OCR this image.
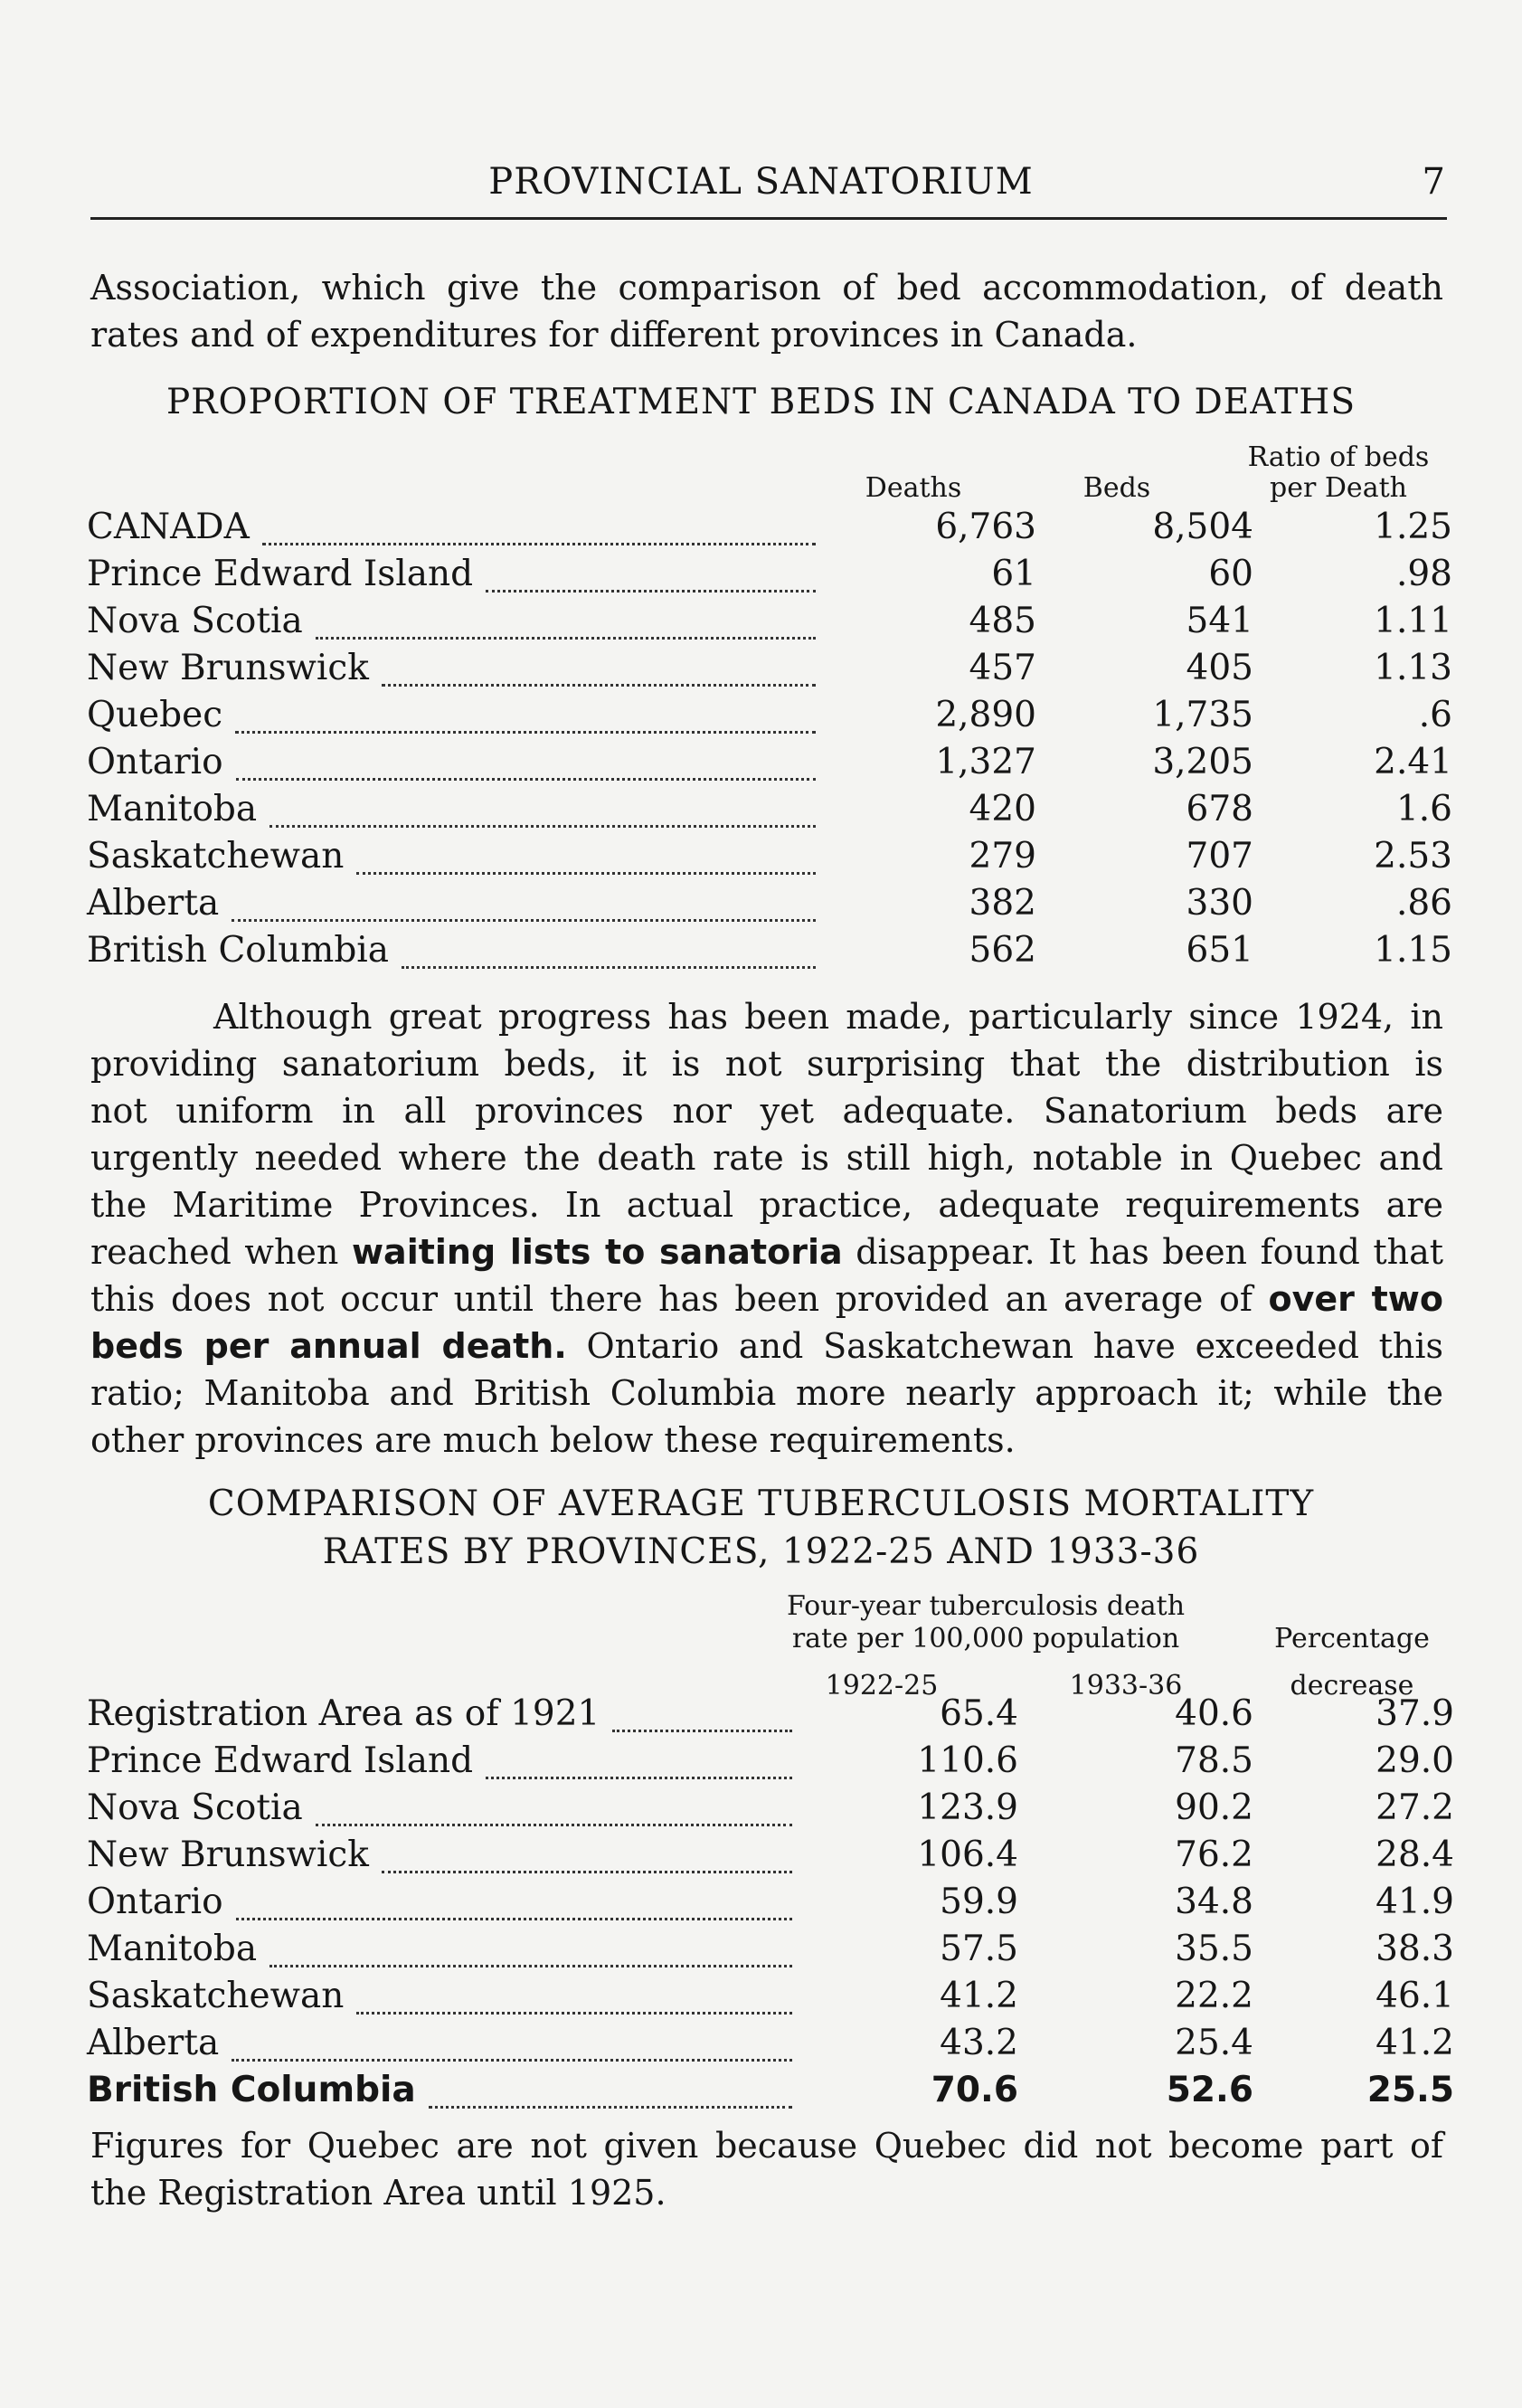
PROVINCIAL SANATORIUM	7
Association, which give the comparison of bed accommodation, of death
rates and of expenditures for different provinces in Canada.
PROPORTION OF TREATMENT BEDS IN CANADA TO DEATHS
Deaths	Beds
Ratio of beds
per Death
CANADA	6,763	8,504	1.25
Prince Edward Island	61	60	.98
Nova Scotia	485	541	1.11
New Brunswick	457	405	1.13
Quebec	2,890	1,735	.6
Ontario	1,327	3,205	2.41
Manitoba	420	678	1.6
Saskatchewan	279	707	2.53
Alberta	382	330	.86
British Columbia	562	651	1.15
Although great progress has been made, particularly since 1924, in
providing sanatorium beds, it is not surprising that the distribution is
not uniform in all provinces nor yet adequate. Sanatorium beds are
urgently needed where the death rate is still high, notable in Quebec and
the Maritime Provinces. In actual practice, adequate requirements are
reached when waiting lists to sanatoria disappear. It has been found that
this does not occur until there has been provided an average of over two
beds per annual death. Ontario and Saskatchewan have exceeded this
ratio; Manitoba and British Columbia more nearly approach it; while the
other provinces are much below these requirements.
COMPARISON OF AVERAGE TUBERCULOSIS MORTALITY
RATES BY PROVINCES, 1922-25 AND 1933-36
Four-year tuberculosis death
rate per 100,000 population	Percentage
1922-25	1933-36	decrease
Registration Area as of 1921	65.4	40.6	37.9
Prince Edward Island	110.6	78.5	29.0
Nova Scotia	123.9	90.2	27.2
New Brunswick	106.4	76.2	28.4
Ontario	59.9	34.8	41.9
Manitoba	57.5	35.5	38.3
Saskatchewan	41.2	22.2	46.1
Alberta	43.2	25.4	41.2
British Columbia	70.6	52.6	25.5
Figures for Quebec are not given because Quebec did not become part of
the Registration Area until 1925.
